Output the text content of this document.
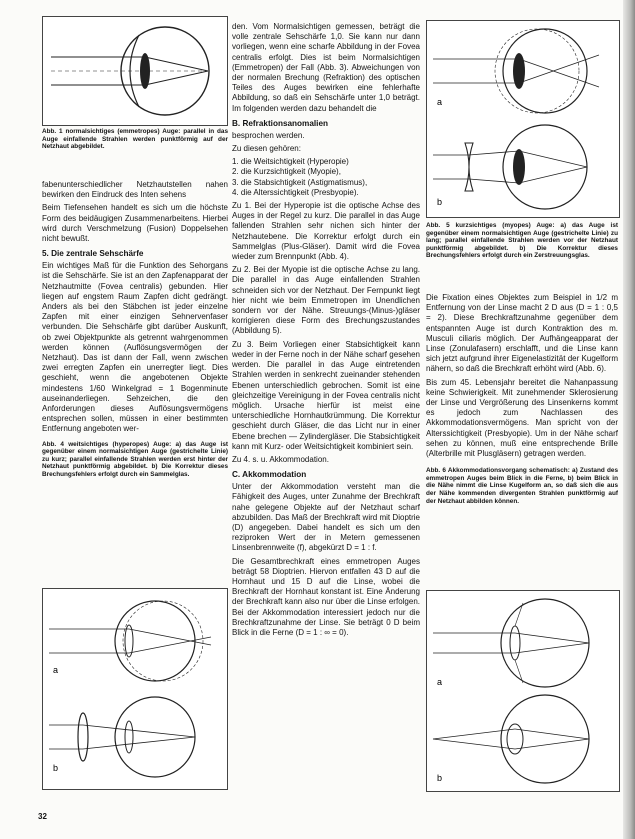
Abb. 1 normalsichtiges (emmetropes) Auge: parallel in das Auge einfallende Strahlen werden punktförmig auf der Netzhaut abgebildet.

fabenunterschiedlicher Netzhautstellen nahen bewirken den Eindruck des Inten sehens

Beim Tiefensehen handelt es sich um die höchste Form des beidäugigen Zusammenarbeitens. Hierbei wird durch Verschmelzung (Fusion) Doppelsehen nicht bewußt.

5. Die zentrale Sehschärfe

Ein wichtiges Maß für die Funktion des Sehorgans ist die Sehschärfe. Sie ist an den Zapfenapparat der Netzhautmitte (Fovea centralis) gebunden. Hier liegen auf engstem Raum Zapfen dicht gedrängt. Anders als bei den Stäbchen ist jeder einzelne Zapfen mit einer einzigen Sehnervenfaser verbunden. Die Sehschärfe gibt darüber Auskunft, ob zwei Objektpunkte als getrennt wahrgenommen werden können (Auflösungsvermögen der Netzhaut). Das ist dann der Fall, wenn zwischen zwei erregten Zapfen ein unerregter liegt. Dies geschieht, wenn die angebotenen Objekte mindestens 1/60 Winkelgrad = 1 Bogenminute auseinanderliegen. Sehzeichen, die den Anforderungen dieses Auflösungsvermögens entsprechen sollen, müssen in einer bestimmten Entfernung angeboten wer-

Abb. 4 weitsichtiges (hyperopes) Auge: a) das Auge ist gegenüber einem normalsichtigen Auge (gestrichelte Linie) zu kurz; parallel einfallende Strahlen werden erst hinter der Netzhaut punktförmig abgebildet. b) Die Korrektur dieses Brechungsfehlers erfolgt durch ein Sammelglas.

a
b

den. Vom Normalsichtigen gemessen, beträgt die volle zentrale Sehschärfe 1,0. Sie kann nur dann vorliegen, wenn eine scharfe Abbildung in der Fovea centralis erfolgt. Dies ist beim Normalsichtigen (Emmetropen) der Fall (Abb. 3). Abweichungen von der normalen Brechung (Refraktion) des optischen Teiles des Auges bewirken eine fehlerhafte Abbildung, so daß ein Sehschärfe unter 1,0 beträgt. Im folgenden werden dazu behandelt die

B. Refraktionsanomalien

besprochen werden.

Zu diesen gehören:

1. die Weitsichtigkeit (Hyperopie)
2. die Kurzsichtigkeit (Myopie),
3. die Stabsichtigkeit (Astigmatismus),
4. die Alterssichtigkeit (Presbyopie).

Zu 1. Bei der Hyperopie ist die optische Achse des Auges in der Regel zu kurz. Die parallel in das Auge fallenden Strahlen sehr nichen sich hinter der Netzhautebene. Die Korrektur erfolgt durch ein Sammelglas (Plus-Gläser). Damit wird die Fovea wieder zum Brennpunkt (Abb. 4).

Zu 2. Bei der Myopie ist die optische Achse zu lang. Die parallel in das Auge einfallenden Strahlen schneiden sich vor der Netzhaut. Der Fernpunkt liegt hier nicht wie beim Emmetropen im Unendlichen sondern vor der Nähe. Streuungs-(Minus-)gläser korrigieren diese Form des Brechungszustandes (Abbildung 5).

Zu 3. Beim Vorliegen einer Stabsichtigkeit kann weder in der Ferne noch in der Nähe scharf gesehen werden. Die parallel in das Auge eintretenden Strahlen werden in senkrecht zueinander stehenden Ebenen unterschiedlich gebrochen. Somit ist eine gleichzeitige Vereinigung in der Fovea centralis nicht möglich. Ursache hierfür ist meist eine unterschiedliche Hornhautkrümmung. Die Korrektur geschieht durch Gläser, die das Licht nur in einer Ebene brechen — Zylindergläser. Die Stabsichtigkeit kann mit Kurz- oder Weitsichtigkeit kombiniert sein.

Zu 4. s. u. Akkommodation.

C. Akkommodation

Unter der Akkommodation versteht man die Fähigkeit des Auges, unter Zunahme der Brechkraft nahe gelegene Objekte auf der Netzhaut scharf abzubilden. Das Maß der Brechkraft wird mit Dioptrie (D) angegeben. Dabei handelt es sich um den reziproken Wert der in Metern gemessenen Linsenbrennweite (f), abgekürzt D = 1 : f.

Die Gesamtbrechkraft eines emmetropen Auges beträgt 58 Dioptrien. Hiervon entfallen 43 D auf die Hornhaut und 15 D auf die Linse, wobei die Brechkraft der Hornhaut konstant ist. Eine Änderung der Brechkraft kann also nur über die Linse erfolgen. Bei der Akkommodation interessiert jedoch nur die Brechkraftzunahme der Linse. Sie beträgt 0 D beim Blick in die Ferne (D = 1 : ∞ = 0).

a
b

Abb. 5 kurzsichtiges (myopes) Auge: a) das Auge ist gegenüber einem normalsichtigen Auge (gestrichelte Linie) zu lang; parallel einfallende Strahlen werden vor der Netzhaut punktförmig abgebildet. b) Die Korrektur dieses Brechungsfehlers erfolgt durch ein Zerstreuungsglas.

Die Fixation eines Objektes zum Beispiel in 1/2 m Entfernung von der Linse macht 2 D aus (D = 1 : 0,5 = 2). Diese Brechkraftzunahme gegenüber dem entspannten Auge ist durch Kontraktion des m. Musculi ciliaris möglich. Der Aufhängeapparat der Linse (Zonulafasern) erschlafft, und die Linse kann sich jetzt aufgrund ihrer Eigenelastizität der Kugelform nähern, so daß die Brechkraft erhöht wird (Abb. 6).

Bis zum 45. Lebensjahr bereitet die Nahanpassung keine Schwierigkeit. Mit zunehmender Sklerosierung der Linse und Vergrößerung des Linsenkerns kommt es jedoch zum Nachlassen des Akkommodationsvermögens. Man spricht von der Alterssichtigkeit (Presbyopie). Um in der Nähe scharf sehen zu können, muß eine entsprechende Brille (Alterbrille mit Plusgläsern) getragen werden.

Abb. 6 Akkommodationsvorgang schematisch: a) Zustand des emmetropen Auges beim Blick in die Ferne, b) beim Blick in die Nähe nimmt die Linse Kugelform an, so daß sich die aus der Nähe kommenden divergenten Strahlen punktförmig auf der Netzhaut abbilden können.

a
b
32
